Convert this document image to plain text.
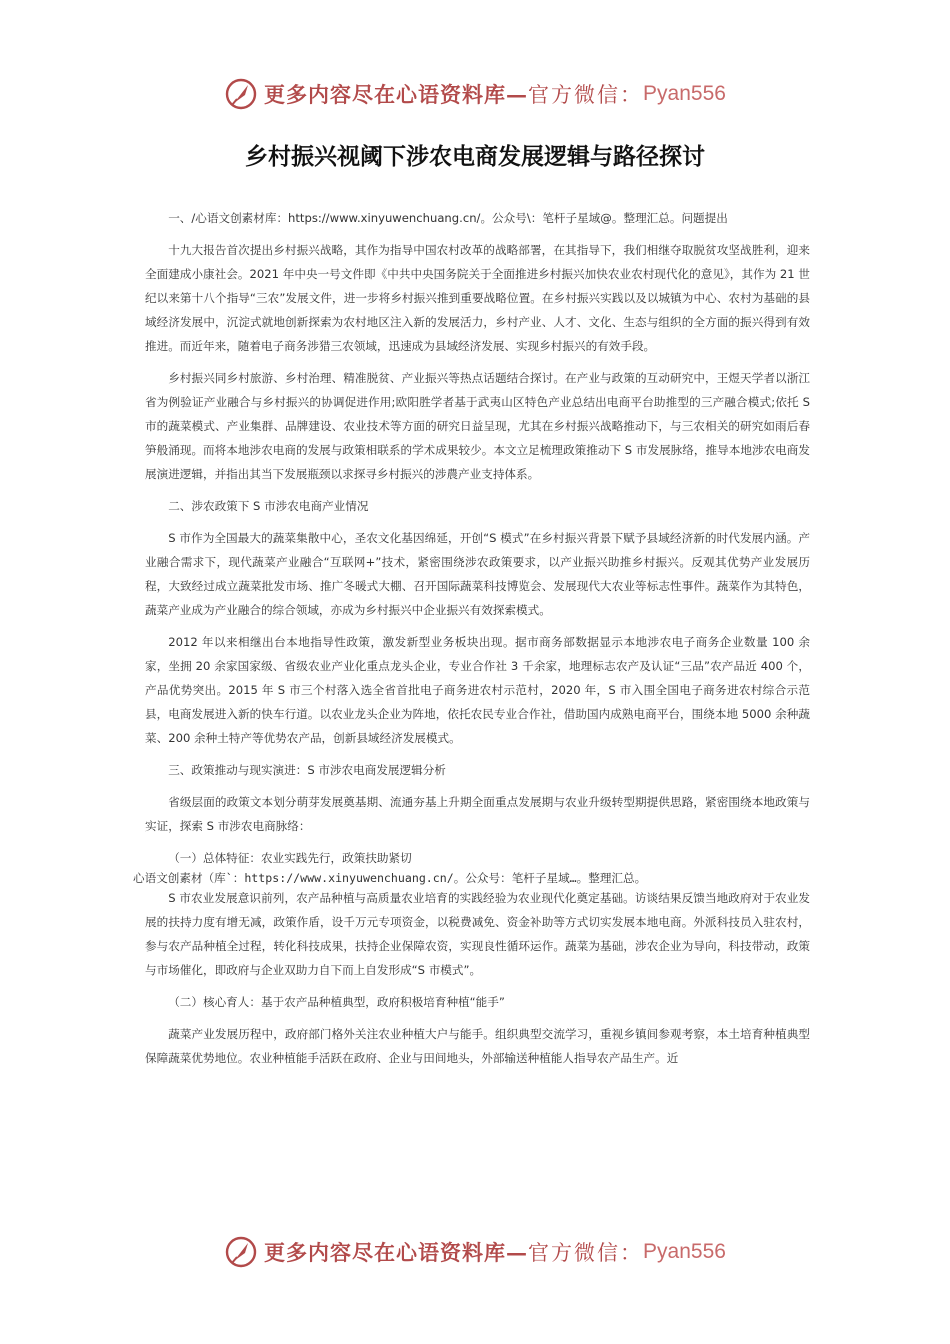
更多内容尽在心语资料库— 官方微信： Pyan556
乡村振兴视阈下涉农电商发展逻辑与路径探讨

一、/心语文创素材库：https://www.xinyuwenchuang.cn/。公众号\：笔杆子星域@。整理汇总。问题提出

十九大报告首次提出乡村振兴战略，其作为指导中国农村改革的战略部署，在其指导下，我们相继夺取脱贫攻坚战胜利，迎来全面建成小康社会。2021 年中央一号文件即《中共中央国务院关于全面推进乡村振兴加快农业农村现代化的意见》，其作为 21 世纪以来第十八个指导“三农”发展文件，进一步将乡村振兴推到重要战略位置。在乡村振兴实践以及以城镇为中心、农村为基础的县域经济发展中，沉淀式就地创新探索为农村地区注入新的发展活力，乡村产业、人才、文化、生态与组织的全方面的振兴得到有效推进。而近年来，随着电子商务涉猎三农领域，迅速成为县域经济发展、实现乡村振兴的有效手段。

乡村振兴同乡村旅游、乡村治理、精准脱贫、产业振兴等热点话题结合探讨。在产业与政策的互动研究中，王煜天学者以浙江省为例验证产业融合与乡村振兴的协调促进作用;欧阳胜学者基于武夷山区特色产业总结出电商平台助推型的三产融合模式;依托 S 市的蔬菜模式、产业集群、品牌建设、农业技术等方面的研究日益呈现，尤其在乡村振兴战略推动下，与三农相关的研究如雨后春笋般涌现。而将本地涉农电商的发展与政策相联系的学术成果较少。本文立足梳理政策推动下 S 市发展脉络，推导本地涉农电商发展演进逻辑，并指出其当下发展瓶颈以求探寻乡村振兴的涉農产业支持体系。

二、涉农政策下 S 市涉农电商产业情况

S 市作为全国最大的蔬菜集散中心，圣农文化基因绵延，开创“S 模式”在乡村振兴背景下赋予县域经济新的时代发展内涵。产业融合需求下，现代蔬菜产业融合“互联网+”技术，紧密围绕涉农政策要求，以产业振兴助推乡村振兴。反观其优势产业发展历程，大致经过成立蔬菜批发市场、推广冬暖式大棚、召开国际蔬菜科技博览会、发展现代大农业等标志性事件。蔬菜作为其特色，蔬菜产业成为产业融合的综合领域，亦成为乡村振兴中企业振兴有效探索模式。

2012 年以来相继出台本地指导性政策，激发新型业务板块出现。据市商务部数据显示本地涉农电子商务企业数量 100 余家，坐拥 20 余家国家级、省级农业产业化重点龙头企业，专业合作社 3 千余家，地理标志农产及认证“三品”农产品近 400 个，产品优势突出。2015 年 S 市三个村落入选全省首批电子商务进农村示范村，2020 年，S 市入围全国电子商务进农村综合示范县，电商发展进入新的快车行道。以农业龙头企业为阵地，依托农民专业合作社，借助国内成熟电商平台，围绕本地 5000 余种蔬菜、200 余种土特产等优势农产品，创新县域经济发展模式。

三、政策推动与现实演进：S 市涉农电商发展逻辑分析

省级层面的政策文本划分萌芽发展奠基期、流通夯基上升期全面重点发展期与农业升级转型期提供思路，紧密围绕本地政策与实证，探索 S 市涉农电商脉络：

（一）总体特征：农业实践先行，政策扶助紧切

心语文创素材（库`：https://www.xinyuwenchuang.cn/。公众号：笔杆子星域…。整理汇总。

S 市农业发展意识前列，农产品种植与高质量农业培育的实践经验为农业现代化奠定基础。访谈结果反馈当地政府对于农业发展的扶持力度有增无减，政策作盾，设千万元专项资金，以税费减免、资金补助等方式切实发展本地电商。外派科技员入驻农村，参与农产品种植全过程，转化科技成果，扶持企业保障农资，实现良性循环运作。蔬菜为基础，涉农企业为导向，科技带动，政策与市场催化，即政府与企业双助力自下而上自发形成“S 市模式”。

（二）核心育人：基于农产品种植典型，政府积极培育种植“能手”

蔬菜产业发展历程中，政府部门格外关注农业种植大户与能手。组织典型交流学习，重视乡镇间参观考察，本土培育种植典型保障蔬菜优势地位。农业种植能手活跃在政府、企业与田间地头，外部输送种植能人指导农产品生产。近

更多内容尽在心语资料库— 官方微信： Pyan556
